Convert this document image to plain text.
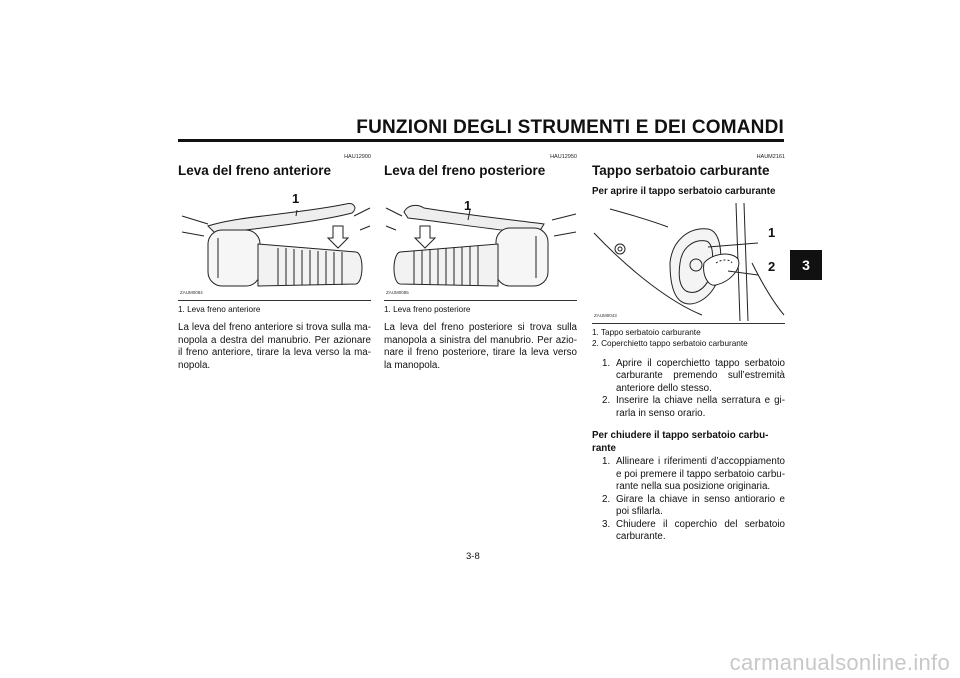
FUNZIONI DEGLI STRUMENTI E DEI COMANDI
3
HAU12900
Leva del freno anteriore
1
ZAUM0084
1. Leva freno anteriore
La leva del freno anteriore si trova sulla ma-nopola a destra del manubrio. Per azionare il freno anteriore, tirare la leva verso la ma-nopola.
HAU12950
Leva del freno posteriore
1
ZAUM0085
1. Leva freno posteriore
La leva del freno posteriore si trova sulla manopola a sinistra del manubrio. Per azio-nare il freno posteriore, tirare la leva verso la manopola.
HAUM2161
Tappo serbatoio carburante
Per aprire il tappo serbatoio carburante
1
2
ZAUM0043
1. Tappo serbatoio carburante
2. Coperchietto tappo serbatoio carburante
1. Aprire il coperchietto tappo serbatoio carburante premendo sull’estremità anteriore dello stesso.
2. Inserire la chiave nella serratura e gi-rarla in senso orario.
Per chiudere il tappo serbatoio carbu-rante
1. Allineare i riferimenti d’accoppiamento e poi premere il tappo serbatoio carbu-rante nella sua posizione originaria.
2. Girare la chiave in senso antiorario e poi sfilarla.
3. Chiudere il coperchio del serbatoio carburante.
3-8
carmanualsonline.info
